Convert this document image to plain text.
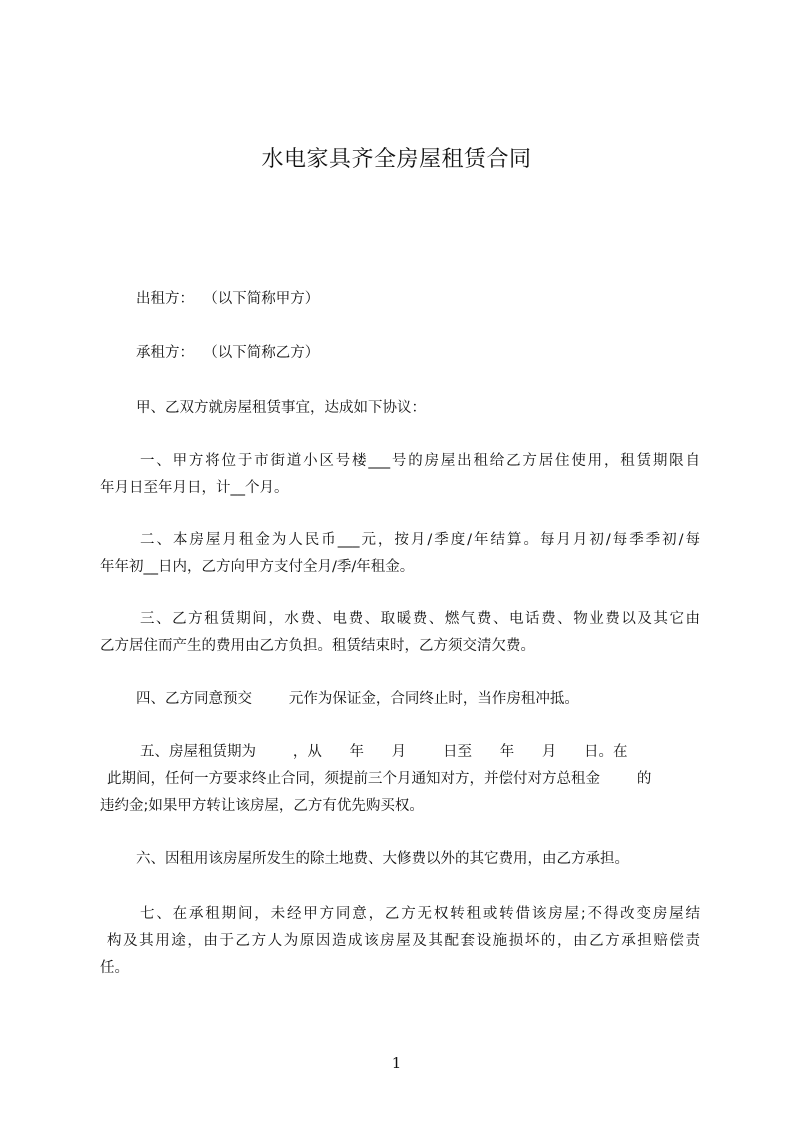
水电家具齐全房屋租赁合同
出租方：  （以下简称甲方）
承租方：  （以下简称乙方）
甲、乙双方就房屋租赁事宜，达成如下协议：
一、甲方将位于市街道小区号楼___号的房屋出租给乙方居住使用，租赁期限自
年月日至年月日，计__个月。
二、本房屋月租金为人民币___元，按月/季度/年结算。每月月初/每季季初/每
年年初__日内，乙方向甲方支付全月/季/年租金。
三、乙方租赁期间，水费、电费、取暖费、燃气费、电话费、物业费以及其它由
乙方居住而产生的费用由乙方负担。租赁结束时，乙方须交清欠费。
四、乙方同意预交        元作为保证金，合同终止时，当作房租冲抵。
五、房屋租赁期为        ，从      年      月        日至      年      月      日。在
此期间，任何一方要求终止合同，须提前三个月通知对方，并偿付对方总租金        的
违约金;如果甲方转让该房屋，乙方有优先购买权。
六、因租用该房屋所发生的除土地费、大修费以外的其它费用，由乙方承担。
七、在承租期间，未经甲方同意，乙方无权转租或转借该房屋;不得改变房屋结
构及其用途，由于乙方人为原因造成该房屋及其配套设施损坏的，由乙方承担赔偿责
任。
1
